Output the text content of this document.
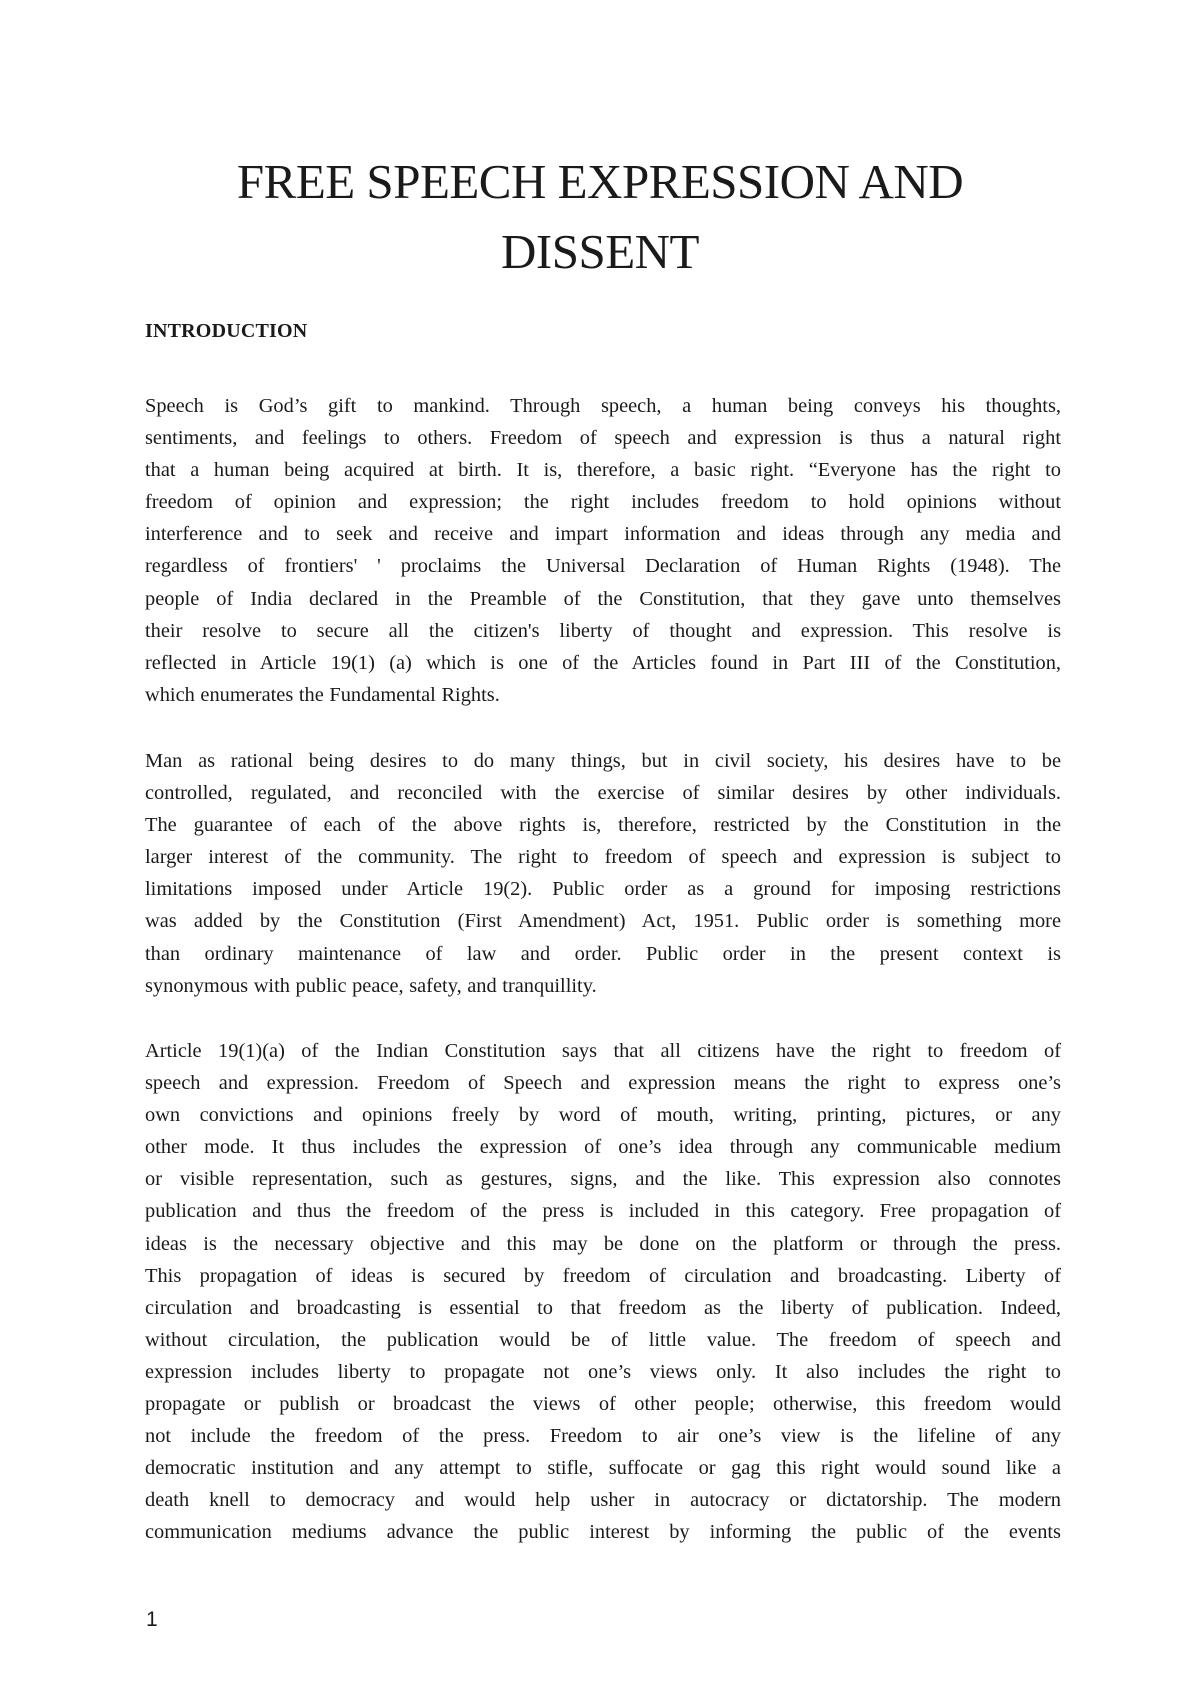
FREE SPEECH EXPRESSION AND DISSENT
INTRODUCTION

Speech is God’s gift to mankind. Through speech, a human being conveys his thoughts,
sentiments, and feelings to others. Freedom of speech and expression is thus a natural right
that a human being acquired at birth. It is, therefore, a basic right. “Everyone has the right to
freedom of opinion and expression; the right includes freedom to hold opinions without
interference and to seek and receive and impart information and ideas through any media and
regardless of frontiers' ' proclaims the Universal Declaration of Human Rights (1948). The
people of India declared in the Preamble of the Constitution, that they gave unto themselves
their resolve to secure all the citizen's liberty of thought and expression. This resolve is
reflected in Article 19(1) (a) which is one of the Articles found in Part III of the Constitution,
which enumerates the Fundamental Rights.

Man as rational being desires to do many things, but in civil society, his desires have to be
controlled, regulated, and reconciled with the exercise of similar desires by other individuals.
The guarantee of each of the above rights is, therefore, restricted by the Constitution in the
larger interest of the community. The right to freedom of speech and expression is subject to
limitations imposed under Article 19(2). Public order as a ground for imposing restrictions
was added by the Constitution (First Amendment) Act, 1951. Public order is something more
than ordinary maintenance of law and order. Public order in the present context is
synonymous with public peace, safety, and tranquillity.

Article 19(1)(a) of the Indian Constitution says that all citizens have the right to freedom of
speech and expression. Freedom of Speech and expression means the right to express one’s
own convictions and opinions freely by word of mouth, writing, printing, pictures, or any
other mode. It thus includes the expression of one’s idea through any communicable medium
or visible representation, such as gestures, signs, and the like. This expression also connotes
publication and thus the freedom of the press is included in this category. Free propagation of
ideas is the necessary objective and this may be done on the platform or through the press.
This propagation of ideas is secured by freedom of circulation and broadcasting. Liberty of
circulation and broadcasting is essential to that freedom as the liberty of publication. Indeed,
without circulation, the publication would be of little value. The freedom of speech and
expression includes liberty to propagate not one’s views only. It also includes the right to
propagate or publish or broadcast the views of other people; otherwise, this freedom would
not include the freedom of the press. Freedom to air one’s view is the lifeline of any
democratic institution and any attempt to stifle, suffocate or gag this right would sound like a
death knell to democracy and would help usher in autocracy or dictatorship. The modern
communication mediums advance the public interest by informing the public of the events

1
